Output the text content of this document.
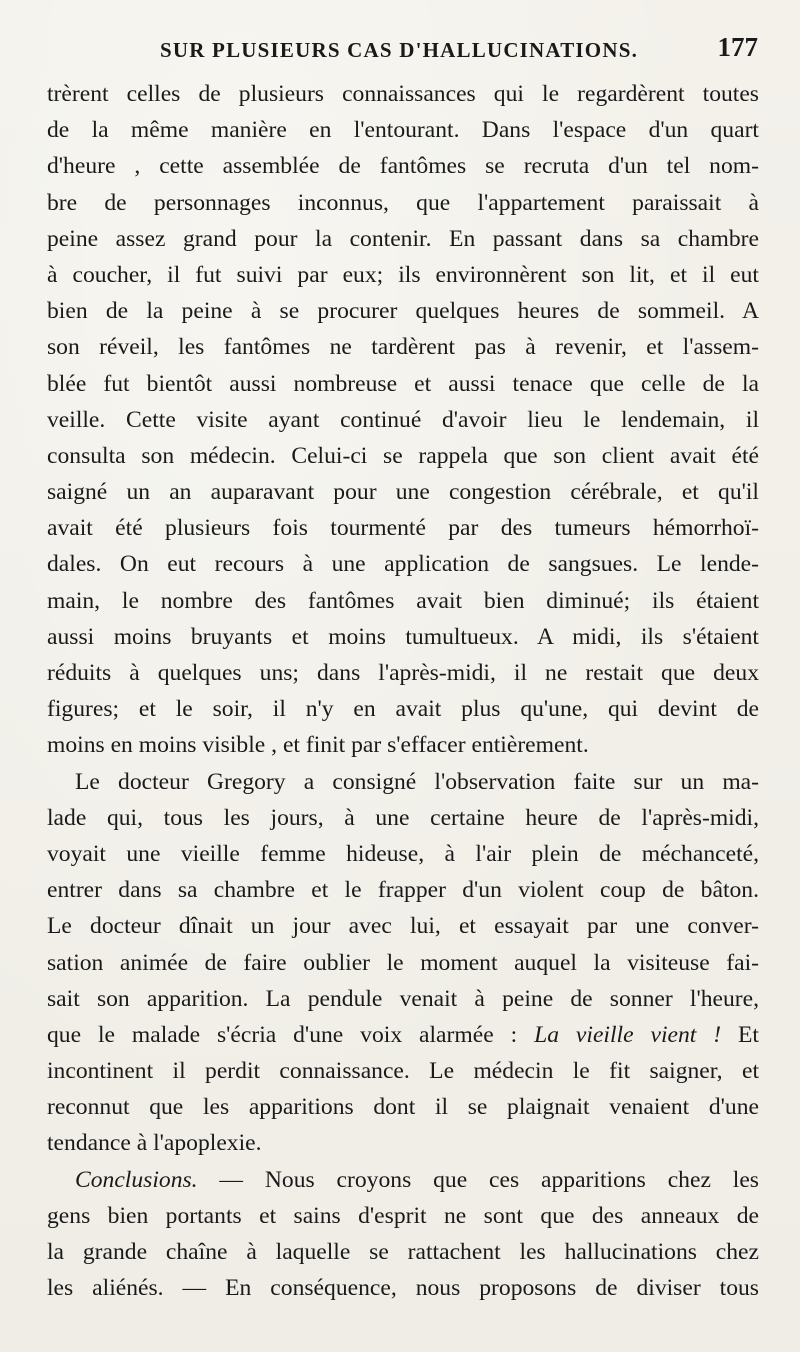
SUR PLUSIEURS CAS D'HALLUCINATIONS.	177
trèrent celles de plusieurs connaissances qui le regardèrent toutes
de la même manière en l'entourant. Dans l'espace d'un quart
d'heure , cette assemblée de fantômes se recruta d'un tel nom-
bre de personnages inconnus, que l'appartement paraissait à
peine assez grand pour la contenir. En passant dans sa chambre
à coucher, il fut suivi par eux; ils environnèrent son lit, et il eut
bien de la peine à se procurer quelques heures de sommeil. A
son réveil, les fantômes ne tardèrent pas à revenir, et l'assem-
blée fut bientôt aussi nombreuse et aussi tenace que celle de la
veille. Cette visite ayant continué d'avoir lieu le lendemain, il
consulta son médecin. Celui-ci se rappela que son client avait été
saigné un an auparavant pour une congestion cérébrale, et qu'il
avait été plusieurs fois tourmenté par des tumeurs hémorrhoï-
dales. On eut recours à une application de sangsues. Le lende-
main, le nombre des fantômes avait bien diminué; ils étaient
aussi moins bruyants et moins tumultueux. A midi, ils s'étaient
réduits à quelques uns; dans l'après-midi, il ne restait que deux
figures; et le soir, il n'y en avait plus qu'une, qui devint de
moins en moins visible , et finit par s'effacer entièrement.
Le docteur Gregory a consigné l'observation faite sur un ma-
lade qui, tous les jours, à une certaine heure de l'après-midi,
voyait une vieille femme hideuse, à l'air plein de méchanceté,
entrer dans sa chambre et le frapper d'un violent coup de bâton.
Le docteur dînait un jour avec lui, et essayait par une conver-
sation animée de faire oublier le moment auquel la visiteuse fai-
sait son apparition. La pendule venait à peine de sonner l'heure,
que le malade s'écria d'une voix alarmée : La vieille vient ! Et
incontinent il perdit connaissance. Le médecin le fit saigner, et
reconnut que les apparitions dont il se plaignait venaient d'une
tendance à l'apoplexie.
Conclusions. — Nous croyons que ces apparitions chez les
gens bien portants et sains d'esprit ne sont que des anneaux de
la grande chaîne à laquelle se rattachent les hallucinations chez
les aliénés. — En conséquence, nous proposons de diviser tous
